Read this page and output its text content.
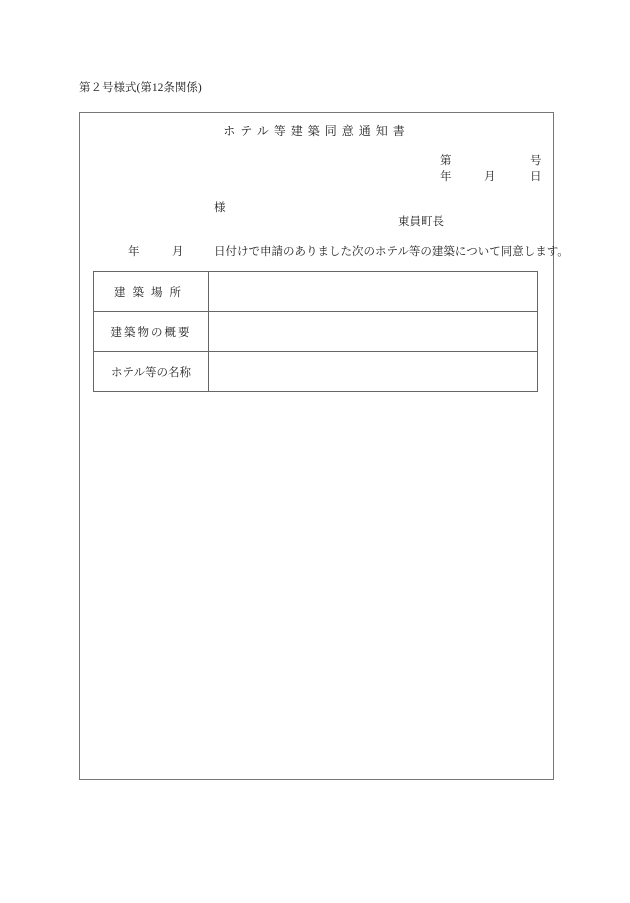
第２号様式(第12条関係)
ホテル等建築同意通知書
第	号
年	月	日
様
東員町長
年	月	日付けで申請のありました次のホテル等の建築について同意します。
建築場所	
建築物の概要	
ホテル等の名称	
